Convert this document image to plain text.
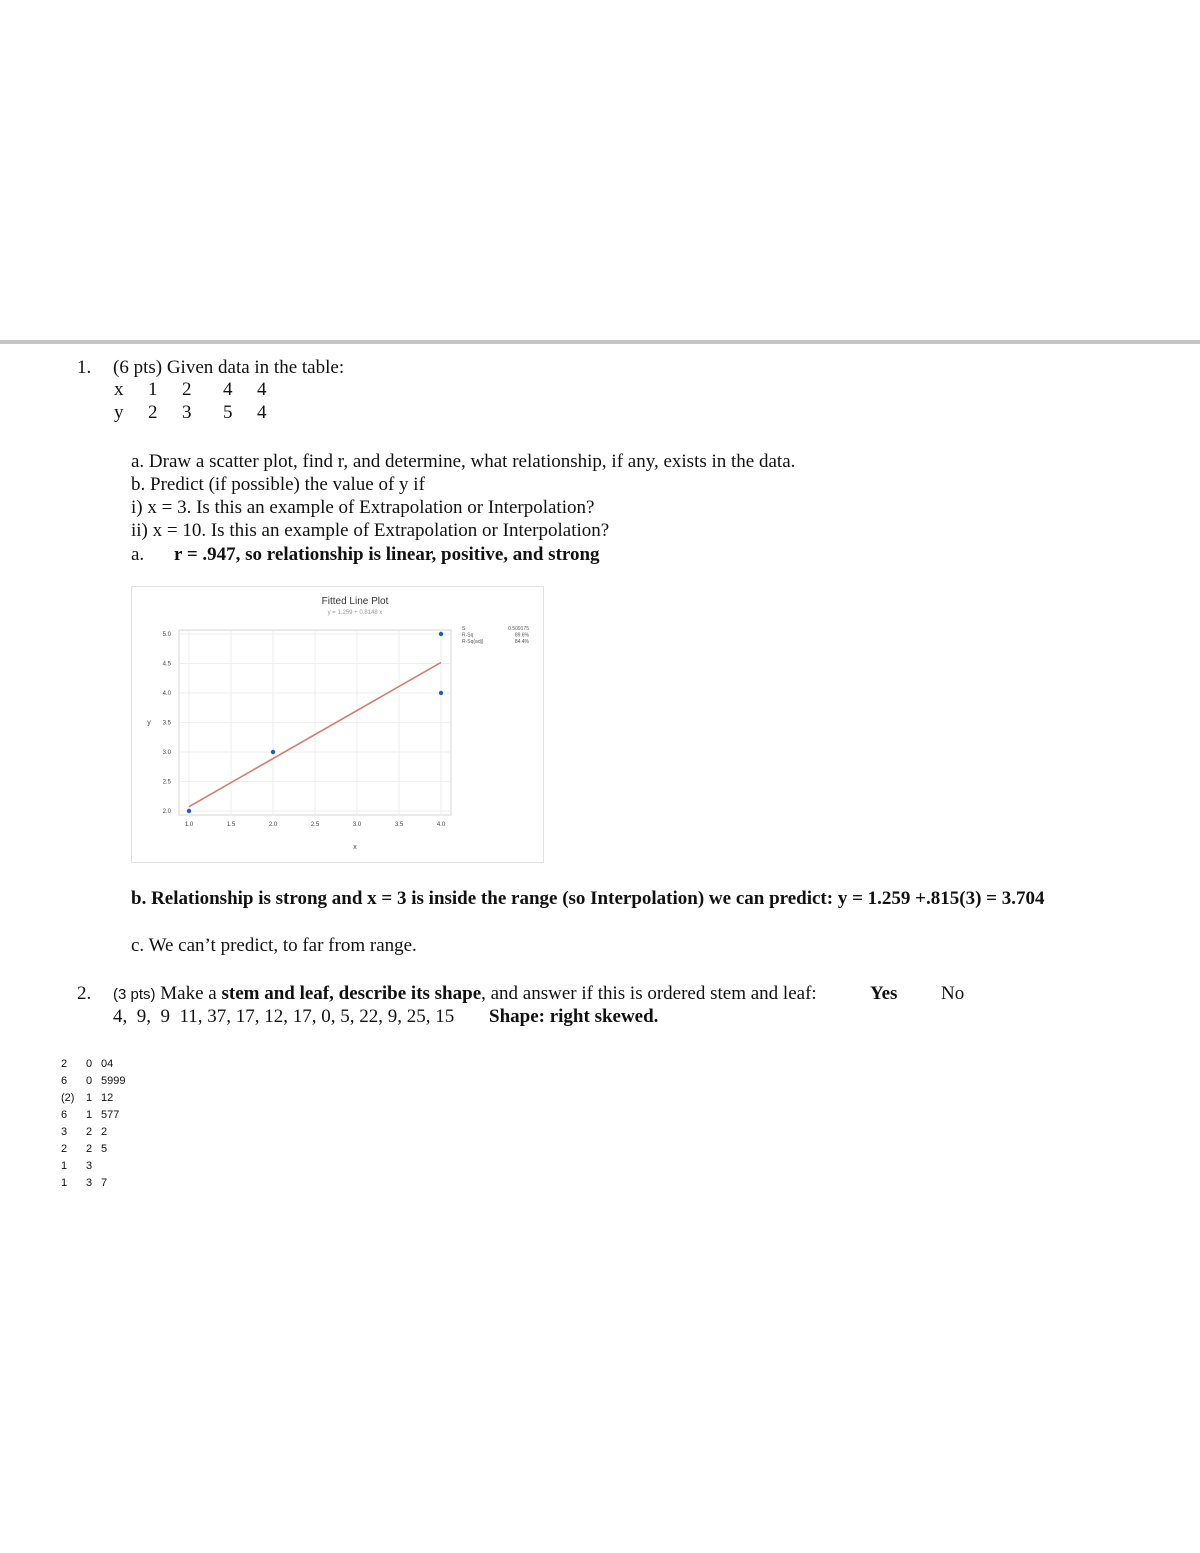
1. (6 pts) Given data in the table:
x 1 2 4 4
y 2 3 5 4
a. Draw a scatter plot, find r, and determine, what relationship, if any, exists in the data.
b. Predict (if possible) the value of y if
i) x = 3. Is this an example of Extrapolation or Interpolation?
ii) x = 10. Is this an example of Extrapolation or Interpolation?
a. r = .947, so relationship is linear, positive, and strong
1.0	1.5	2.0	2.5	3.0	3.5	4.0
2.0
2.5
3.0
3.5
4.0
4.5
5.0
Fitted Line Plot
y = 1.259 + 0.8148 x
x
y
S	0.509175
R-Sq	89.6%
R-Sq(adj)	84.4%
b. Relationship is strong and x = 3 is inside the range (so Interpolation) we can predict: y = 1.259 +.815(3) = 3.704
c. We can’t predict, to far from range.
2. (3 pts) Make a stem and leaf, describe its shape, and answer if this is ordered stem and leaf:	Yes No
4,  9,  9  11, 37, 17, 12, 17, 0, 5, 22, 9, 25, 15 Shape: right skewed.
2 0 04
6 0 5999
(2) 1 12
6 1 577
3 2 2
2 2 5
1 3
1 3 7
